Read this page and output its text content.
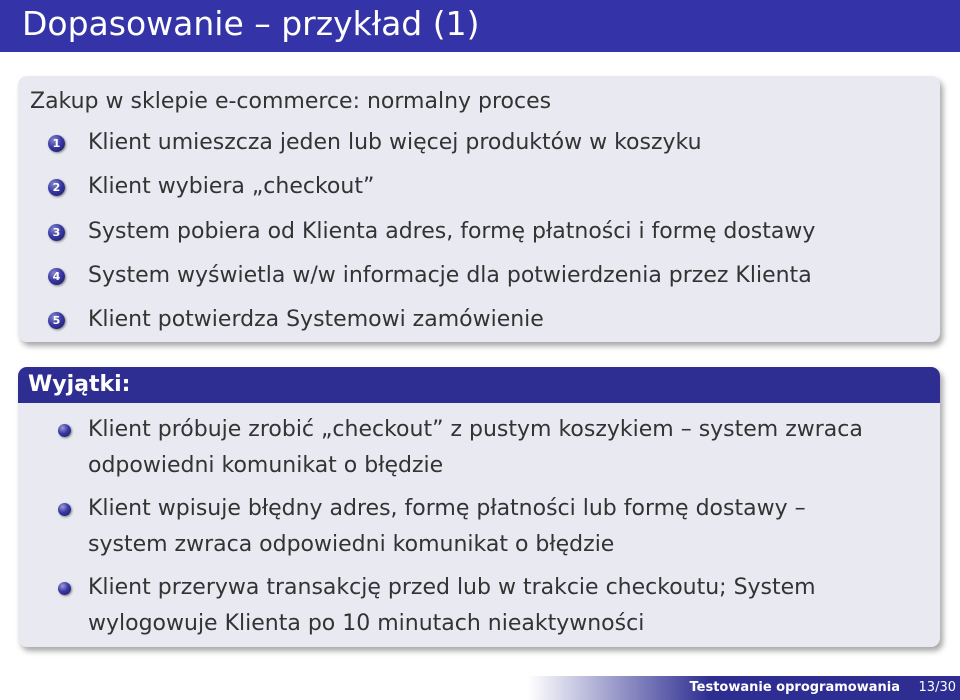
Dopasowanie – przykład (1)
Zakup w sklepie e-commerce: normalny proces
1 Klient umieszcza jeden lub więcej produktów w koszyku
2 Klient wybiera „checkout”
3 System pobiera od Klienta adres, formę płatności i formę dostawy
4 System wyświetla w/w informacje dla potwierdzenia przez Klienta
5 Klient potwierdza Systemowi zamówienie
Wyjątki:
Klient próbuje zrobić „checkout” z pustym koszykiem – system zwraca odpowiedni komunikat o błędzie
Klient wpisuje błędny adres, formę płatności lub formę dostawy – system zwraca odpowiedni komunikat o błędzie
Klient przerywa transakcję przed lub w trakcie checkoutu; System wylogowuje Klienta po 10 minutach nieaktywności
Testowanie oprogramowania 13/30
